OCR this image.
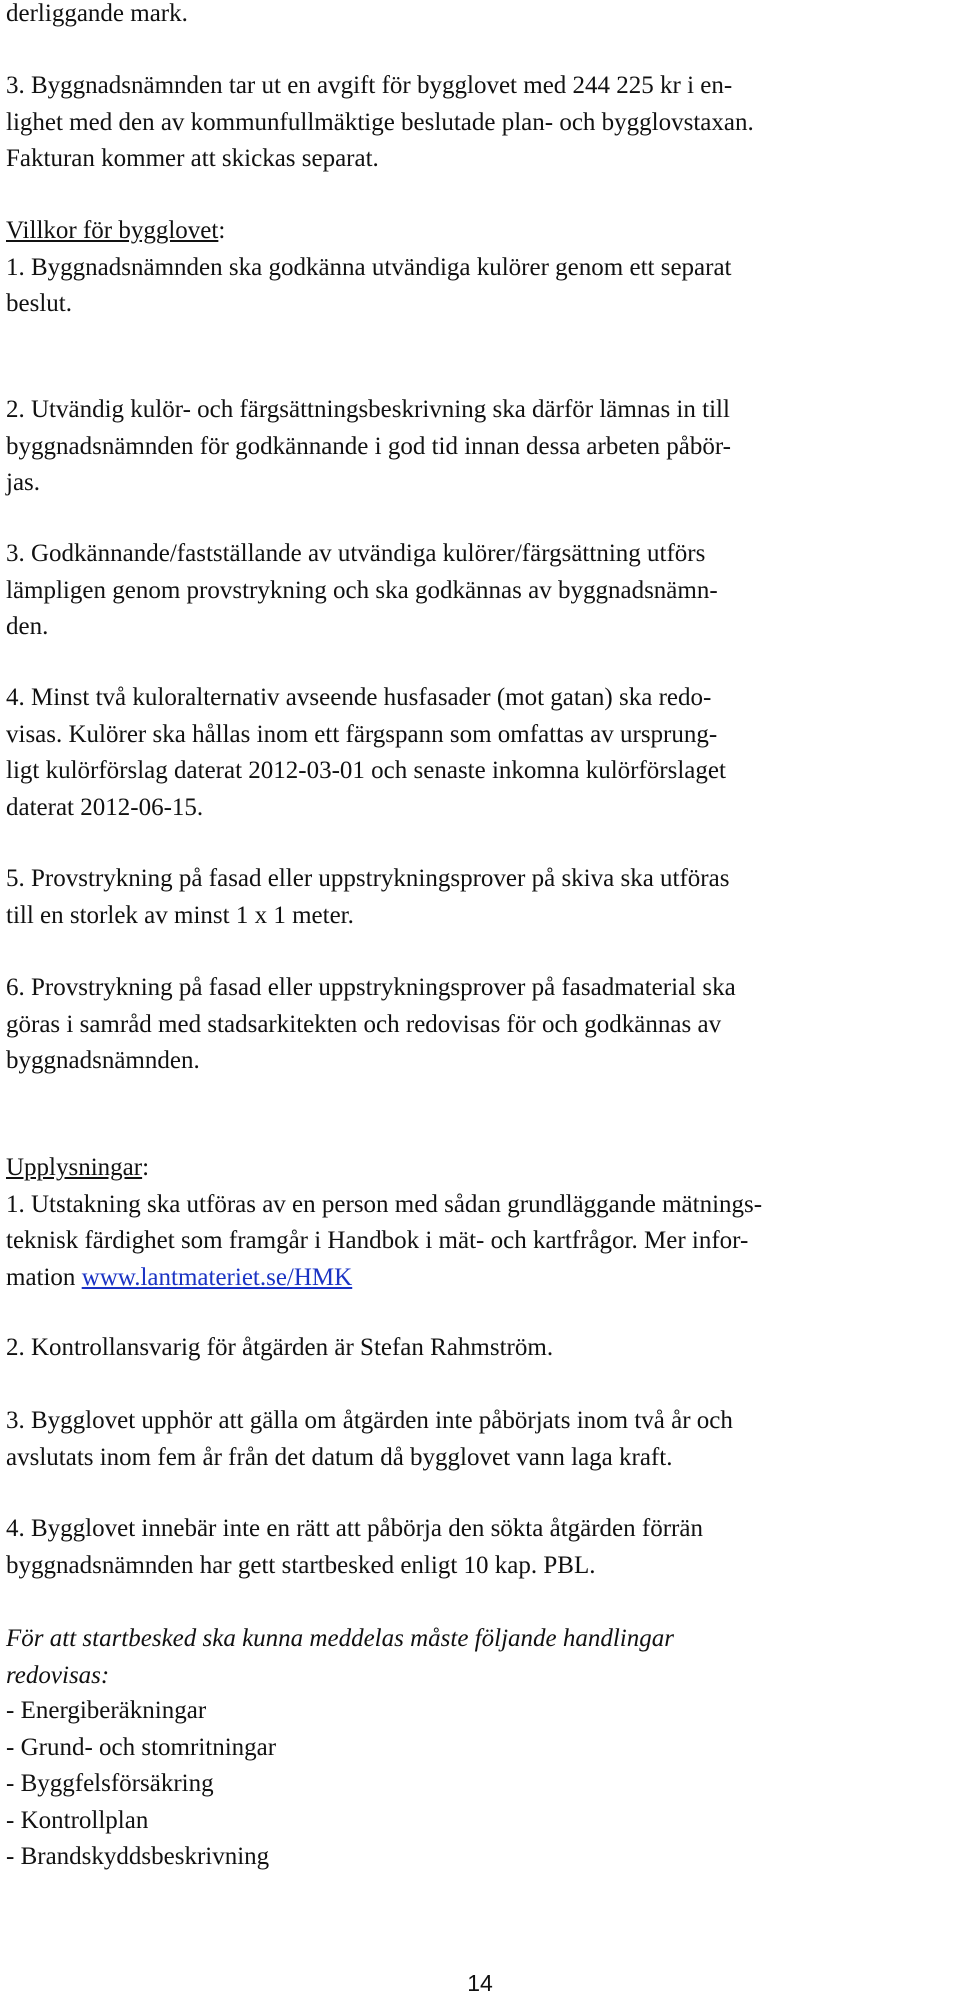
derliggande mark.

3. Byggnadsnämnden tar ut en avgift för bygglovet med 244 225 kr i en-
lighet med den av kommunfullmäktige beslutade plan- och bygglovstaxan.
Fakturan kommer att skickas separat.

Villkor för bygglovet:
1. Byggnadsnämnden ska godkänna utvändiga kulörer genom ett separat
beslut.

2. Utvändig kulör- och färgsättningsbeskrivning ska därför lämnas in till
byggnadsnämnden för godkännande i god tid innan dessa arbeten påbör-
jas.

3. Godkännande/fastställande av utvändiga kulörer/färgsättning utförs
lämpligen genom provstrykning och ska godkännas av byggnadsnämn-
den.

4. Minst två kuloralternativ avseende husfasader (mot gatan) ska redo-
visas. Kulörer ska hållas inom ett färgspann som omfattas av ursprung-
ligt kulörförslag daterat 2012-03-01 och senaste inkomna kulörförslaget
daterat 2012-06-15.

5. Provstrykning på fasad eller uppstrykningsprover på skiva ska utföras
till en storlek av minst 1 x 1 meter.

6. Provstrykning på fasad eller uppstrykningsprover på fasadmaterial ska
göras i samråd med stadsarkitekten och redovisas för och godkännas av
byggnadsnämnden.

Upplysningar:
1. Utstakning ska utföras av en person med sådan grundläggande mätnings-
teknisk färdighet som framgår i Handbok i mät- och kartfrågor. Mer infor-
mation www.lantmateriet.se/HMK

2. Kontrollansvarig för åtgärden är Stefan Rahmström.

3. Bygglovet upphör att gälla om åtgärden inte påbörjats inom två år och
avslutats inom fem år från det datum då bygglovet vann laga kraft.

4. Bygglovet innebär inte en rätt att påbörja den sökta åtgärden förrän
byggnadsnämnden har gett startbesked enligt 10 kap. PBL.

För att startbesked ska kunna meddelas måste följande handlingar
redovisas:

- Energiberäkningar
- Grund- och stomritningar
- Byggfelsförsäkring
- Kontrollplan
- Brandskyddsbeskrivning

14
